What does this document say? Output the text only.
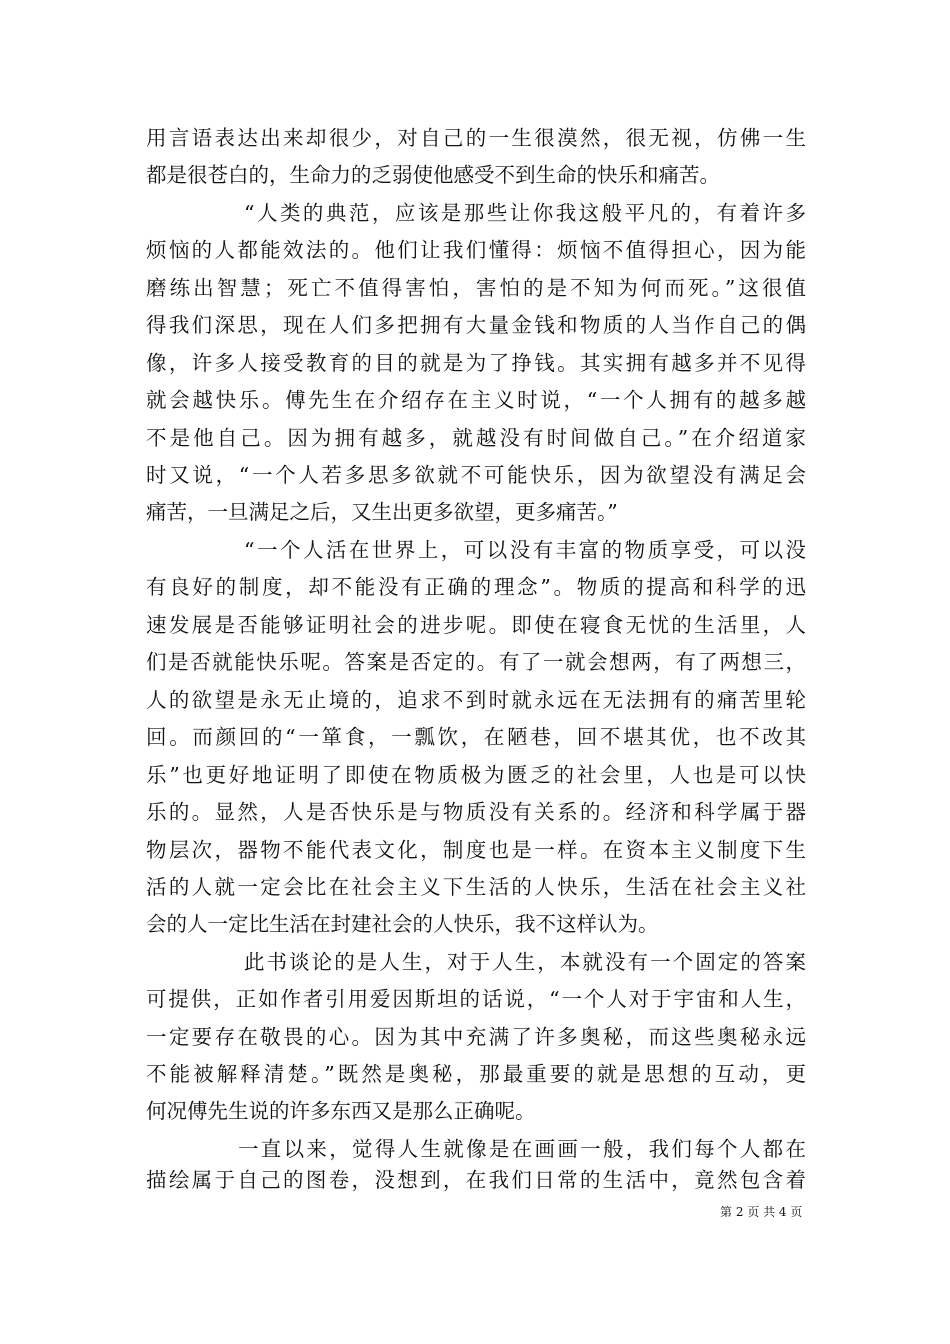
用言语表达出来却很少，对自己的一生很漠然，很无视，仿佛一生
都是很苍白的，生命力的乏弱使他感受不到生命的快乐和痛苦。
“人类的典范，应该是那些让你我这般平凡的，有着许多
烦恼的人都能效法的。他们让我们懂得：烦恼不值得担心，因为能
磨练出智慧；死亡不值得害怕，害怕的是不知为何而死。”这很值
得我们深思，现在人们多把拥有大量金钱和物质的人当作自己的偶
像，许多人接受教育的目的就是为了挣钱。其实拥有越多并不见得
就会越快乐。傅先生在介绍存在主义时说，“一个人拥有的越多越
不是他自己。因为拥有越多，就越没有时间做自己。”在介绍道家
时又说，“一个人若多思多欲就不可能快乐，因为欲望没有满足会
痛苦，一旦满足之后，又生出更多欲望，更多痛苦。”
“一个人活在世界上，可以没有丰富的物质享受，可以没
有良好的制度，却不能没有正确的理念”。物质的提高和科学的迅
速发展是否能够证明社会的进步呢。即使在寝食无忧的生活里，人
们是否就能快乐呢。答案是否定的。有了一就会想两，有了两想三，
人的欲望是永无止境的，追求不到时就永远在无法拥有的痛苦里轮
回。而颜回的“一箪食，一瓢饮，在陋巷，回不堪其优，也不改其
乐”也更好地证明了即使在物质极为匮乏的社会里，人也是可以快
乐的。显然，人是否快乐是与物质没有关系的。经济和科学属于器
物层次，器物不能代表文化，制度也是一样。在资本主义制度下生
活的人就一定会比在社会主义下生活的人快乐，生活在社会主义社
会的人一定比生活在封建社会的人快乐，我不这样认为。
此书谈论的是人生，对于人生，本就没有一个固定的答案
可提供，正如作者引用爱因斯坦的话说，“一个人对于宇宙和人生，
一定要存在敬畏的心。因为其中充满了许多奥秘，而这些奥秘永远
不能被解释清楚。”既然是奥秘，那最重要的就是思想的互动，更
何况傅先生说的许多东西又是那么正确呢。
一直以来，觉得人生就像是在画画一般，我们每个人都在
描绘属于自己的图卷，没想到，在我们日常的生活中，竟然包含着
第 2 页 共 4 页
